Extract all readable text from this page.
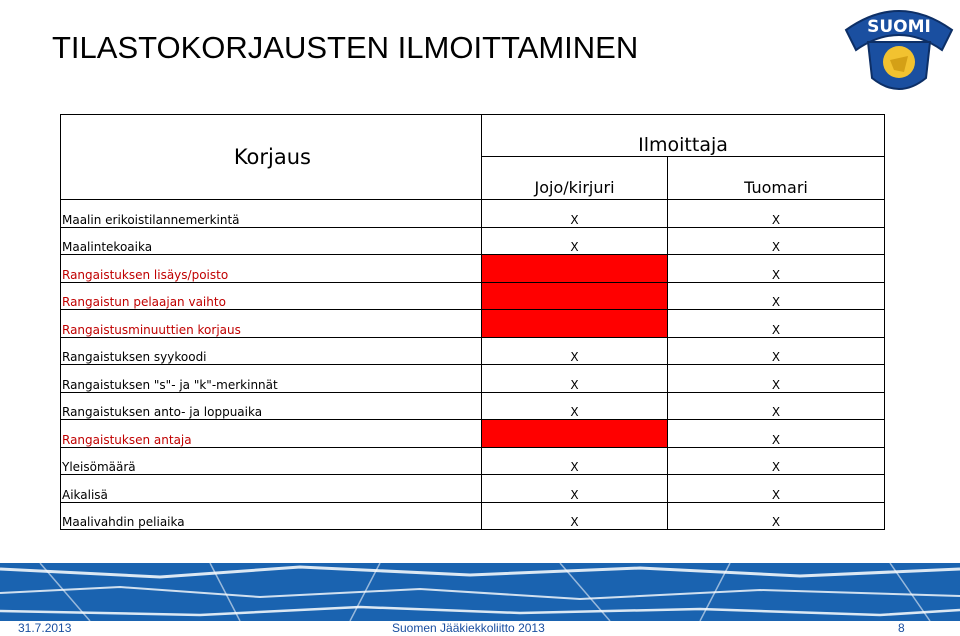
TILASTOKORJAUSTEN ILMOITTAMINEN
SUOMI
Korjaus	Ilmoittaja	
	Jojo/kirjuri	Tuomari
Maalin erikoistilannemerkintä	X	X
Maalintekoaika	X	X
Rangaistuksen lisäys/poisto		X
Rangaistun pelaajan vaihto		X
Rangaistusminuuttien korjaus		X
Rangaistuksen syykoodi	X	X
Rangaistuksen "s"- ja "k"-merkinnät	X	X
Rangaistuksen anto- ja loppuaika	X	X
Rangaistuksen antaja		X
Yleisömäärä	X	X
Aikalisä	X	X
Maalivahdin peliaika	X	X
31.7.2013	Suomen Jääkiekkoliitto 2013	8
